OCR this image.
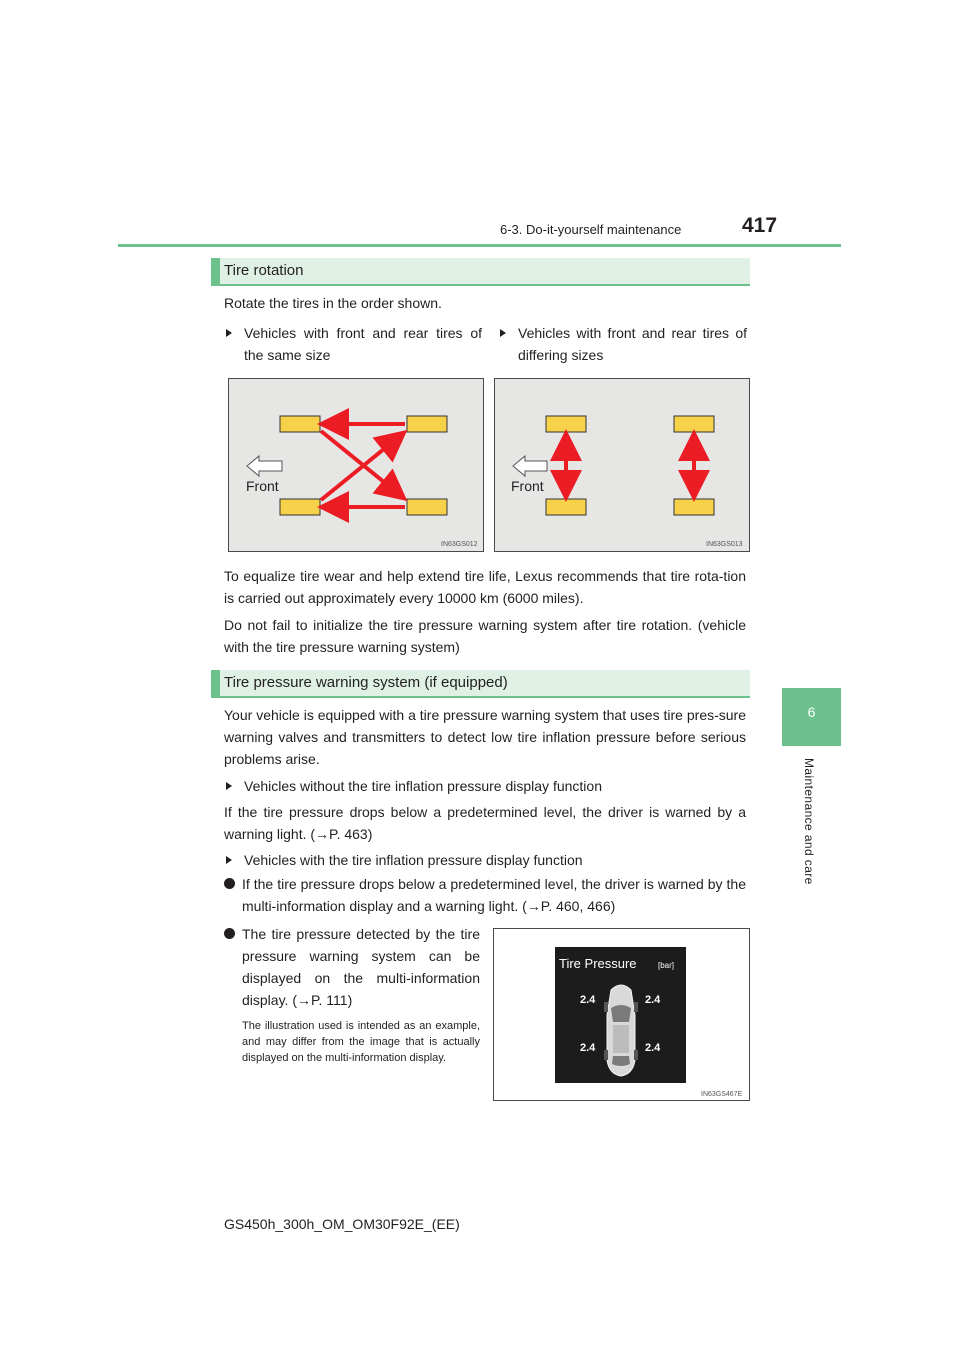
6-3. Do-it-yourself maintenance	417
6
Maintenance and care
Tire rotation
Rotate the tires in the order shown.
Vehicles with front and rear tires of the same size
Vehicles with front and rear tires of differing sizes
Front
IN63GS012
Front
IN63GS013
To equalize tire wear and help extend tire life, Lexus recommends that tire rota-tion is carried out approximately every 10000 km (6000 miles).
Do not fail to initialize the tire pressure warning system after tire rotation. (vehicle with the tire pressure warning system)
Tire pressure warning system (if equipped)
Your vehicle is equipped with a tire pressure warning system that uses tire pres-sure warning valves and transmitters to detect low tire inflation pressure before serious problems arise.
Vehicles without the tire inflation pressure display function
If the tire pressure drops below a predetermined level, the driver is warned by a warning light. (→P. 463)
Vehicles with the tire inflation pressure display function
If the tire pressure drops below a predetermined level, the driver is warned by the multi-information display and a warning light. (→P. 460, 466)
The tire pressure detected by the tire pressure warning system can be displayed on the multi-information display. (→P. 111)
The illustration used is intended as an example, and may differ from the image that is actually displayed on the multi-information display.
Tire Pressure	[bar]
2.4	2.4
2.4	2.4
IN63GS467E
GS450h_300h_OM_OM30F92E_(EE)
